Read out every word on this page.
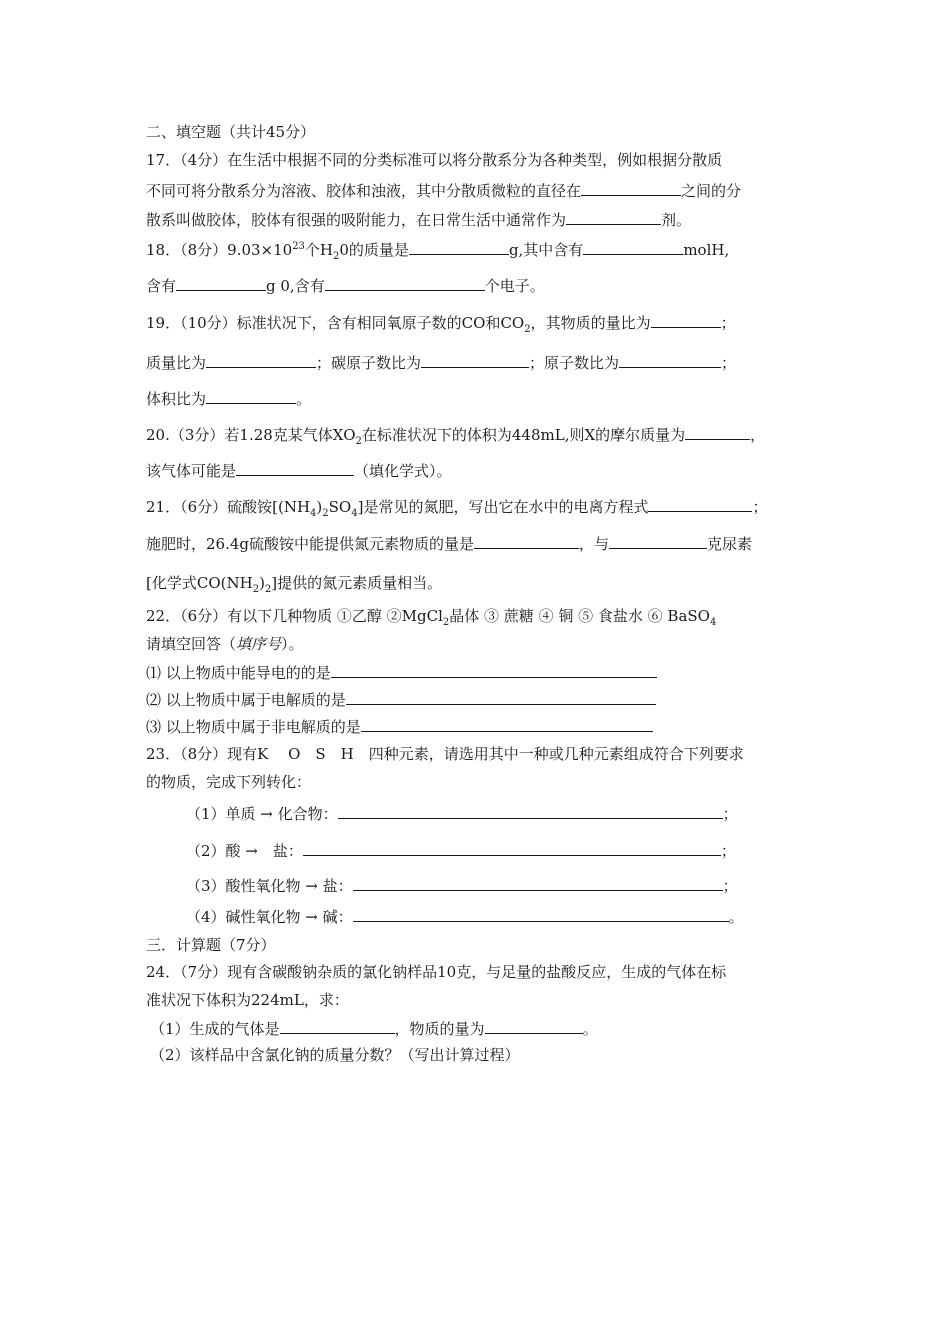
二、填空题（共计45分）
17．（4分）在生活中根据不同的分类标准可以将分散系分为各种类型，例如根据分散质
不同可将分散系分为溶液、胶体和浊液，其中分散质微粒的直径在	之间的分
散系叫做胶体，胶体有很强的吸附能力，在日常生活中通常作为	剂。
18．（8分）$9.03\times 10^{23}$个$H_20$的质量是	g,其中含有	molH,
含有	g 0,含有	个电子。
19．（10分）标准状况下，含有相同氧原子数的CO和$CO_2$，其物质的量比为	；
质量比为	；碳原子数比为	；原子数比为	；
体积比为	。
20.（3分）若1.28克某气体$XO_2$在标准状况下的体积为448mL,则X的摩尔质量为	，
该气体可能是	（填化学式）。
21．（6分）硫酸铵$[(NH_4)_2SO_4]$是常见的氮肥，写出它在水中的电离方程式	；
施肥时，26.4g硫酸铵中能提供氮元素物质的量是	，与	克尿素
[化学式$CO(NH_2)_2$]提供的氮元素质量相当。
22．（6分）有以下几种物质 ①乙醇 ②MgCl$_2$晶体 ③ 蔗糖 ④ 铜 ⑤ 食盐水 ⑥ BaSO$_4$
请填空回答（填序号）。
⑴ 以上物质中能导电的的是
⑵ 以上物质中属于电解质的是
⑶ 以上物质中属于非电解质的是
23．（8分）现有K　 O　S　H　四种元素，请选用其中一种或几种元素组成符合下列要求
的物质，完成下列转化：
（1）单质 → 化合物：	；
（2）酸 →　盐：	；
（3）酸性氧化物 → 盐：	；
（4）碱性氧化物 → 碱：	。
三．计算题（7分）
24．（7分）现有含碳酸钠杂质的氯化钠样品10克，与足量的盐酸反应，生成的气体在标
准状况下体积为224mL，求：
（1）生成的气体是	，物质的量为	。
（2）该样品中含氯化钠的质量分数？（写出计算过程）
